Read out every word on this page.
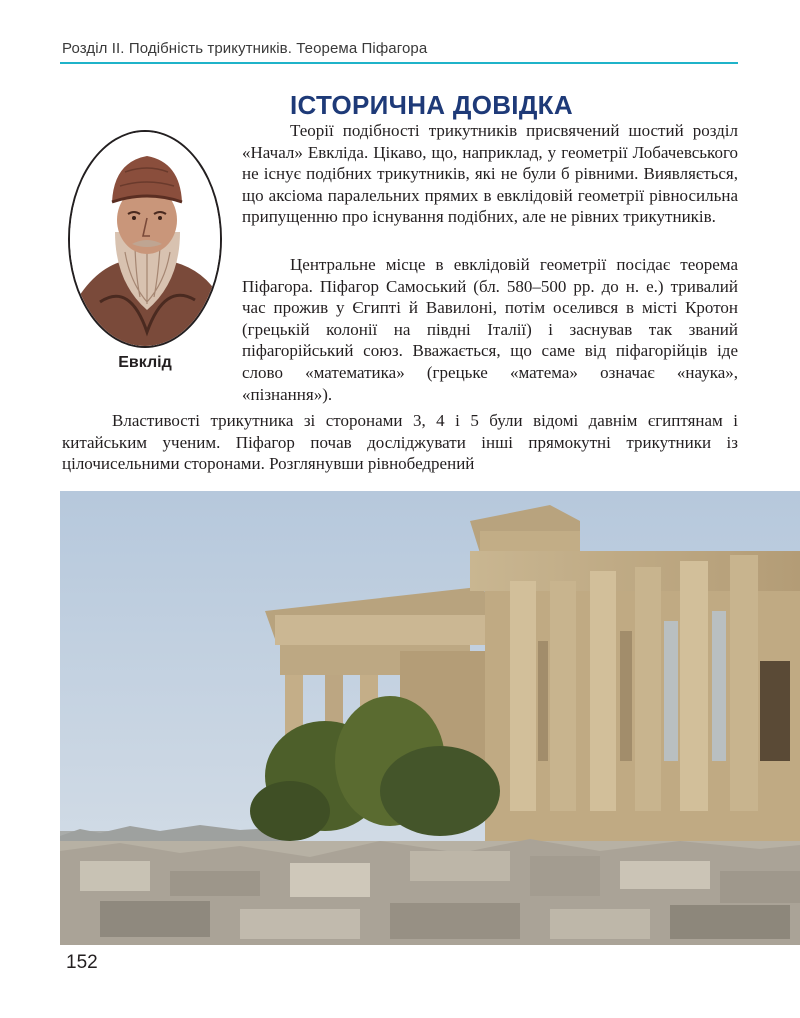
Розділ II. Подібність трикутників. Теорема Піфагора
ІСТОРИЧНА ДОВІДКА
Евклід

Теорії подібності трикутників присвячений шостий розділ «Начал» Евкліда. Цікаво, що, наприклад, у геометрії Лобачевського не існує подібних трикутників, які не були б рівними. Виявляється, що аксіома паралельних прямих в евклідовій геометрії рівносильна припущенню про існування подібних, але не рівних трикутників.

Центральне місце в евклідовій геометрії посідає теорема Піфагора. Піфагор Самоський (бл. 580–500 рр. до н. е.) тривалий час прожив у Єгипті й Вавилоні, потім оселився в місті Кротон (грецькій колонії на півдні Італії) і заснував так званий піфагорійський союз. Вважається, що саме від піфагорійців іде слово «математика» (грецьке «матема» означає «наука», «пізнання»).

Властивості трикутника зі сторонами 3, 4 і 5 були відомі давнім єгиптянам і китайським ученим. Піфагор почав досліджувати інші прямокутні трикутники із цілочисельними сторонами. Розглянувши рівнобедрений

152
